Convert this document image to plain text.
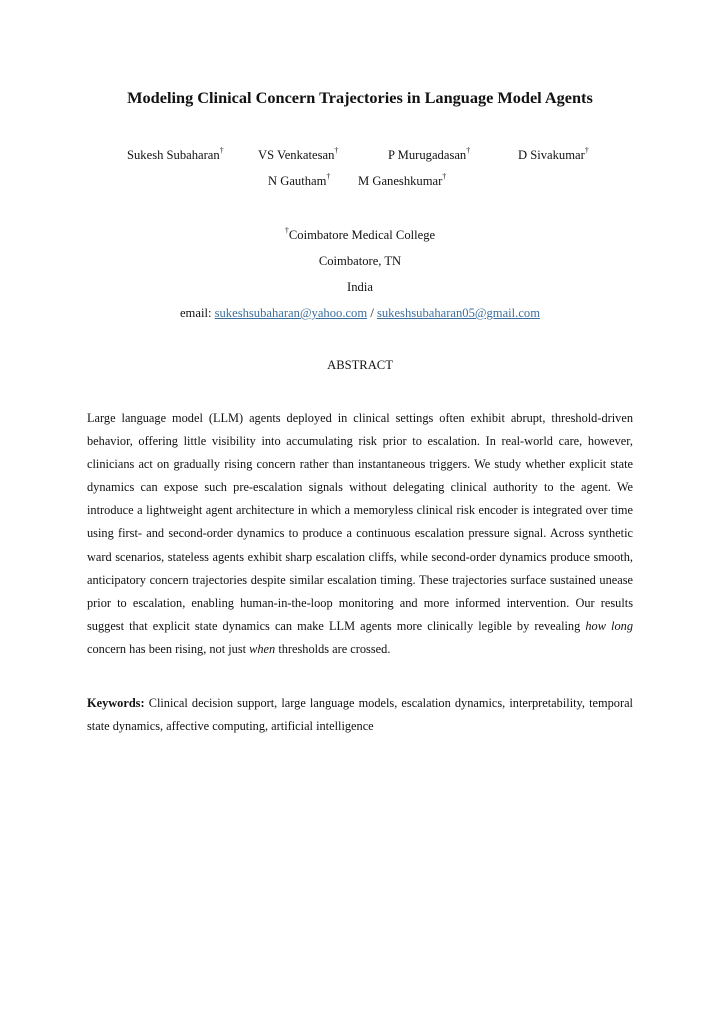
Modeling Clinical Concern Trajectories in Language Model Agents
Sukesh Subaharan†	VS Venkatesan†	P Murugadasan†	D Sivakumar†
N Gautham† M Ganeshkumar†
†Coimbatore Medical College
Coimbatore, TN
India
email: sukeshsubaharan@yahoo.com / sukeshsubaharan05@gmail.com
ABSTRACT
Large language model (LLM) agents deployed in clinical settings often exhibit abrupt, threshold-driven behavior, offering little visibility into accumulating risk prior to escalation. In real-world care, however, clinicians act on gradually rising concern rather than instantaneous triggers. We study whether explicit state dynamics can expose such pre-escalation signals without delegating clinical authority to the agent. We introduce a lightweight agent architecture in which a memoryless clinical risk encoder is integrated over time using first- and second-order dynamics to produce a continuous escalation pressure signal. Across synthetic ward scenarios, stateless agents exhibit sharp escalation cliffs, while second-order dynamics produce smooth, anticipatory concern trajectories despite similar escalation timing. These trajectories surface sustained unease prior to escalation, enabling human-in-the-loop monitoring and more informed intervention. Our results suggest that explicit state dynamics can make LLM agents more clinically legible by revealing how long concern has been rising, not just when thresholds are crossed.
Keywords: Clinical decision support, large language models, escalation dynamics, interpretability, temporal state dynamics, affective computing, artificial intelligence
